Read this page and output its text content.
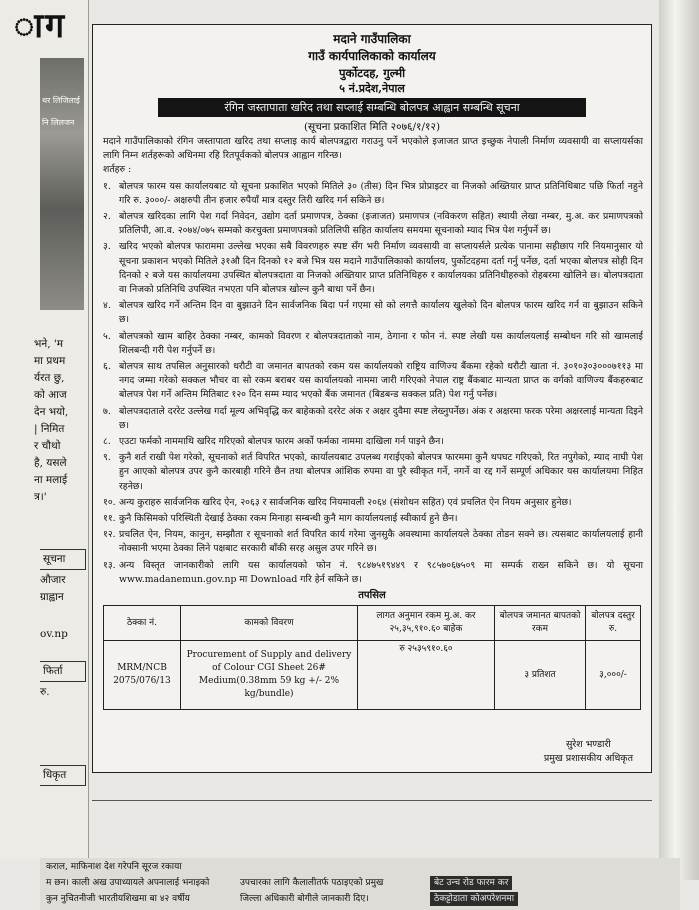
ाग
थर लिजिलाई
नि लिलजन
भने, 'म
मा प्रथम
र्यरत छु,
को आज
देन भयो,
| निमित
र चौथो
है, यसले
ना मलाई
त्र।'
सूचना
औजार
ग्राह्वान
ov.np
फिर्ता
रु.
धिकृत
मदाने गाउँपालिका
गाउँ कार्यपालिकाको कार्यालय
पुर्कोटदह, गुल्मी
५ नं.प्रदेश,नेपाल
रंगिन जस्तापाता खरिद तथा सप्लाई सम्बन्धि बोलपत्र आह्वान सम्बन्धि सूचना
(सूचना प्रकाशित मिति २०७६/१/१२)

मदाने गाउँपालिकाको रंगिन जस्तापाता खरिद तथा सप्लाइ कार्य बोलपत्रद्वारा गराउनु पर्ने भएकोले इजाजत प्राप्त इच्छुक नेपाली निर्माण व्यवसायी वा सप्लायर्सका लागि निम्न शर्तहरूको अधिनमा रहि रितपूर्वकको बोलपत्र आह्वान गरिन्छ।

शर्तहरु :

१. बोलपत्र फारम यस कार्यालयबाट यो सूचना प्रकाशित भएको मितिले ३० (तीस) दिन भित्र प्रोप्राइटर वा निजको अख्तियार प्राप्त प्रतिनिधिबाट पछि फिर्ता नहुने गरि रु. ३०००/- अक्षरुपी तीन हजार रुपैयाँ मात्र दस्तुर तिरी खरिद गर्न सकिने छ।
२. बोलपत्र खरिदका लागि पेश गर्दा निवेदन, उद्योग दर्ता प्रमाणपत्र, ठेक्का (इजाजत) प्रमाणपत्र (नविकरण सहित) स्थायी लेखा नम्बर, मु.अ. कर प्रमाणपत्रको प्रतिलिपी, आ.व. २०७४/०७५ सम्मको करचुक्ता प्रमाणपत्रको प्रतिलिपी सहित कार्यालय समयमा सूचनाको म्याद भित्र पेश गर्नुपर्ने छ।
३. खरिद भएको बोलपत्र फाराममा उल्लेख भएका सबै विवरणहरु स्पष्ट सँग भरी निर्माण व्यवसायी वा सप्लायर्सले प्रत्येक पानामा सहीछाप गरि नियमानुसार यो सूचना प्रकाशन भएको मितिले ३१औ दिन दिनको १२ बजे भित्र यस मदाने गाउँपालिकाको कार्यालय, पुर्कोटदहमा दर्ता गर्नु पर्नेछ, दर्ता भएका बोलपत्र सोही दिन दिनको २ बजे यस कार्यालयमा उपस्थित बोलपत्रदाता वा निजको अख्तियार प्राप्त प्रतिनिधिहरु र कार्यालयका प्रतिनिधीहरुको रोहबरमा खोलिने छ। बोलपत्रदाता वा निजको प्रतिनिधि उपस्थित नभएता पनि बोलपत्र खोल्न कुनै बाधा पर्ने छैन।
४. बोलपत्र खरिद गर्ने अन्तिम दिन वा बुझाउने दिन सार्वजनिक बिदा पर्न गएमा सो को लगत्तै कार्यालय खुलेको दिन बोलपत्र फारम खरिद गर्न वा बुझाउन सकिने छ।
५. बोलपत्रको खाम बाहिर ठेक्का नम्बर, कामको विवरण र बोलपत्रदाताको नाम, ठेगाना र फोन नं. स्पष्ट लेखी यस कार्यालयलाई सम्बोधन गरि सो खामलाई शिलबन्दी गरी पेश गर्नुपर्ने छ।
६. बोलपत्र साथ तपसिल अनुसारको धरौटी वा जमानत बापतको रकम यस कार्यालयको राष्ट्रिय वाणिज्य बैंकमा रहेको धरौटी खाता नं. ३०१०३०३०००७११३ मा नगद जम्मा गरेको सक्कल भौचर वा सो रकम बराबर यस कार्यालयको नाममा जारी गरिएको नेपाल राष्ट्र बैंकबाट मान्यता प्राप्त क वर्गको वाणिज्य बैंकहरुबाट बोलपत्र पेश गर्ने अन्तिम मितिबाट १२० दिन सम्म म्याद भएको बैंक जमानत (बिडबन्ड सक्कल प्रति) पेश गर्नु पर्नेछ।
७. बोलपत्रदाताले दररेट उल्लेख गर्दा मूल्य अभिवृद्धि कर बाहेकको दररेट अंक र अक्षर दुवैमा स्पष्ट लेख्नुपर्नेछ। अंक र अक्षरमा फरक परेमा अक्षरलाई मान्यता दिइने छ।
८. एउटा फर्मको नाममाथि खरिद गरिएको बोलपत्र फारम अर्को फर्मका नाममा दाखिला गर्न पाइने छैन।
९. कुनै शर्त राखी पेश गरेको, सूचनाको शर्त विपरित भएको, कार्यालयबाट उपलब्ध गराईएको बोलपत्र फारममा कुनै थपघट गरिएको, रित नपुगेको, म्याद नाघी पेश हुन आएको बोलपत्र उपर कुनै कारबाही गरिने छैन तथा बोलपत्र आंशिक रुपमा वा पुरै स्वीकृत गर्ने, नगर्ने वा रद्द गर्ने सम्पूर्ण अधिकार यस कार्यालयमा निहित रहनेछ।
१०. अन्य कुराहरु सार्वजनिक खरिद ऐन, २०६३ र सार्वजनिक खरिद नियमावली २०६४ (संशोधन सहित) एवं प्रचलित ऐन नियम अनुसार हुनेछ।
११. कुनै किसिमको परिस्थिती देखाई ठेक्का रकम मिनाहा सम्बन्धी कुनै माग कार्यालयलाई स्वीकार्य हुने छैन।
१२. प्रचलित ऐन, नियम, कानुन, सम्झौता र सूचनाको शर्त विपरित कार्य गरेमा जुनसुकै अवस्थामा कार्यालयले ठेक्का तोडन सक्ने छ। त्यसबाट कार्यालयलाई हानी नोक्सानी भएमा ठेक्का लिने पक्षबाट सरकारी बाँकी सरह असुल उपर गरिने छ।
१३. अन्य विस्तृत जानकारीको लागि यस कार्यालयको फोन नं. ९८४७५१९४४९ र ९८५७०६७५०९ मा सम्पर्क राख्न सकिने छ। यो सूचना www.madanemun.gov.np मा Download गरि हेर्न सकिने छ।
तपसिल
ठेक्का नं.	कामको विवरण	लागत अनुमान रकम मु.अ. कर २५,३५,९१०.६० बाहेक	बोलपत्र जमानत बापतको रकम	बोलपत्र दस्तुर रु.
MRM/NCB 2075/076/13	Procurement of Supply and delivery of Colour CGI Sheet 26# Medium(0.38mm 59 kg +/- 2% kg/bundle)	रु २५३५९१०.६०	३ प्रतिशत	३,०००/-
सुरेश भण्डारी
प्रमुख प्रशासकीय अधिकृत
कराल, माफिनाश देश गरेपनि सूरज रकाया
म छन। काली अख उपाध्यायले अपनालाई भनाइको
कुन नुचितनीजी भारतीयशिखमा बा ४२ वर्षीय
उपचारका लागि कैलालीतर्फ पठाइएको प्रमुख
जिल्ला अधिकारी बोगीले जानकारी दिए।
बेट उन्च रोड फारम कर
ठेकट्टोडाता कोअपरेशनमा
